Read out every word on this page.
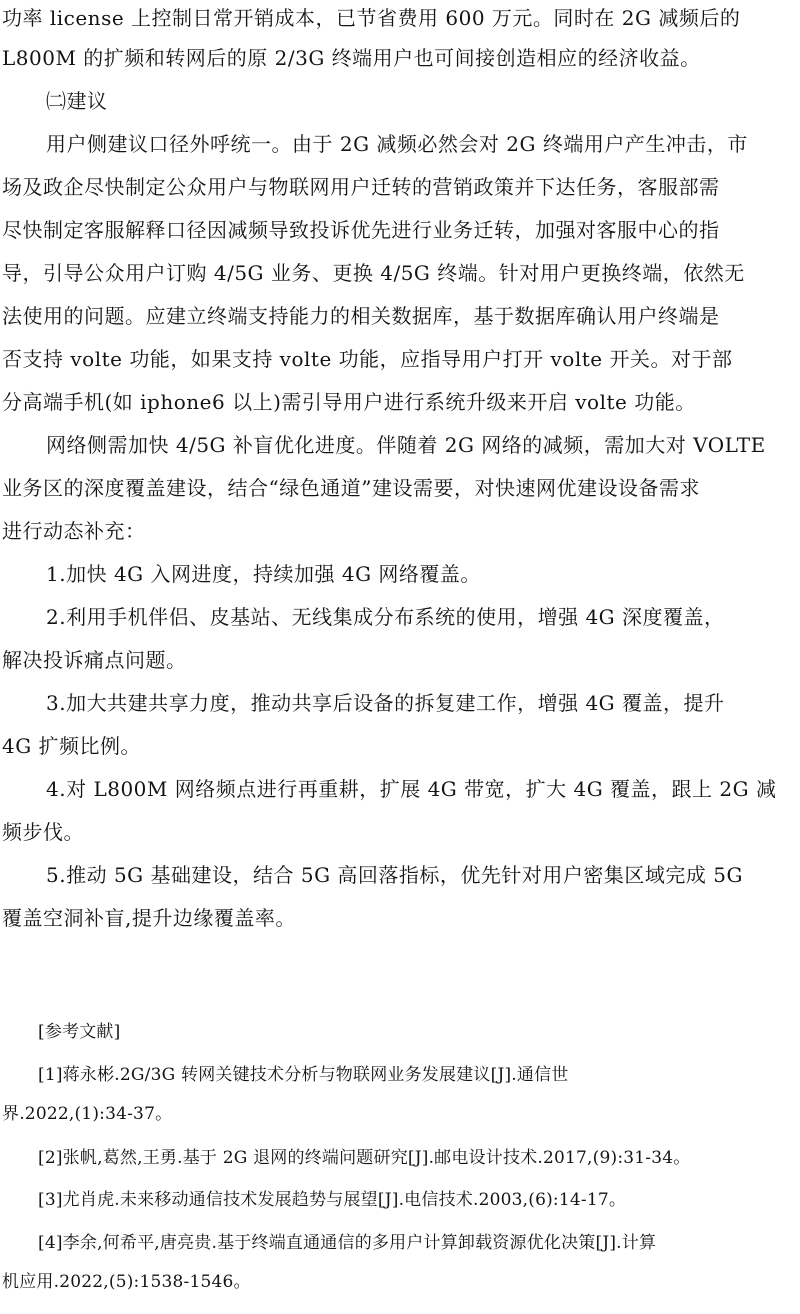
功率 license 上控制日常开销成本，已节省费用 600 万元。同时在 2G 减频后的
L800M 的扩频和转网后的原 2/3G 终端用户也可间接创造相应的经济收益。
㈡建议
用户侧建议口径外呼统一。由于 2G 减频必然会对 2G 终端用户产生冲击，市
场及政企尽快制定公众用户与物联网用户迁转的营销政策并下达任务，客服部需
尽快制定客服解释口径因减频导致投诉优先进行业务迁转，加强对客服中心的指
导，引导公众用户订购 4/5G 业务、更换 4/5G 终端。针对用户更换终端，依然无
法使用的问题。应建立终端支持能力的相关数据库，基于数据库确认用户终端是
否支持 volte 功能，如果支持 volte 功能，应指导用户打开 volte 开关。对于部
分高端手机(如 iphone6 以上)需引导用户进行系统升级来开启 volte 功能。
网络侧需加快 4/5G 补盲优化进度。伴随着 2G 网络的减频，需加大对 VOLTE
业务区的深度覆盖建设，结合“绿色通道”建设需要，对快速网优建设设备需求
进行动态补充：
1.加快 4G 入网进度，持续加强 4G 网络覆盖。
2.利用手机伴侣、皮基站、无线集成分布系统的使用，增强 4G 深度覆盖，
解决投诉痛点问题。
3.加大共建共享力度，推动共享后设备的拆复建工作，增强 4G 覆盖，提升
4G 扩频比例。
4.对 L800M 网络频点进行再重耕，扩展 4G 带宽，扩大 4G 覆盖，跟上 2G 减
频步伐。
5.推动 5G 基础建设，结合 5G 高回落指标，优先针对用户密集区域完成 5G
覆盖空洞补盲,提升边缘覆盖率。
[参考文献]
[1]蒋永彬.2G/3G 转网关键技术分析与物联网业务发展建议[J].通信世
界.2022,(1):34-37。
[2]张帆,葛然,王勇.基于 2G 退网的终端问题研究[J].邮电设计技术.2017,(9):31-34。
[3]尤肖虎.未来移动通信技术发展趋势与展望[J].电信技术.2003,(6):14-17。
[4]李余,何希平,唐亮贵.基于终端直通通信的多用户计算卸载资源优化决策[J].计算
机应用.2022,(5):1538-1546。
